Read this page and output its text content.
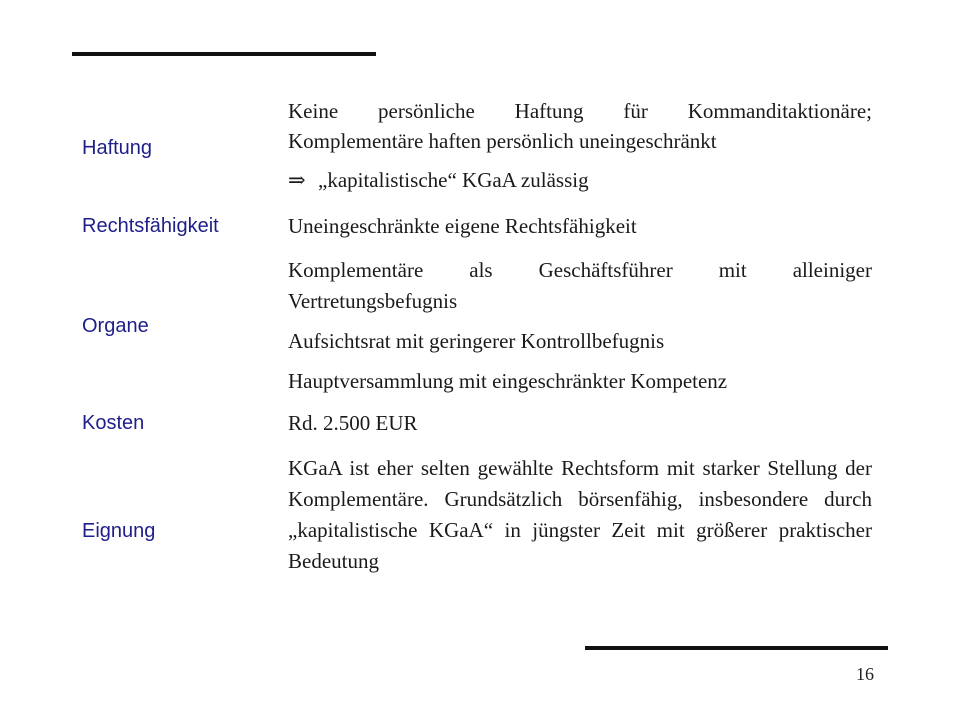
Haftung
Keine persönliche Haftung für Kommanditaktionäre; Komplementäre haften persönlich uneingeschränkt
⇒ „kapitalistische“ KGaA zulässig
Rechtsfähigkeit	Uneingeschränkte eigene Rechtsfähigkeit
Organe
Komplementäre als Geschäftsführer mit alleiniger Vertretungsbefugnis
Aufsichtsrat mit geringerer Kontrollbefugnis
Hauptversammlung mit eingeschränkter Kompetenz
Kosten	Rd. 2.500 EUR
Eignung
KGaA ist eher selten gewählte Rechtsform mit starker Stellung der Komplementäre. Grundsätzlich börsenfähig, insbesondere durch „kapitalistische KGaA“ in jüngster Zeit mit größerer praktischer Bedeutung
16
